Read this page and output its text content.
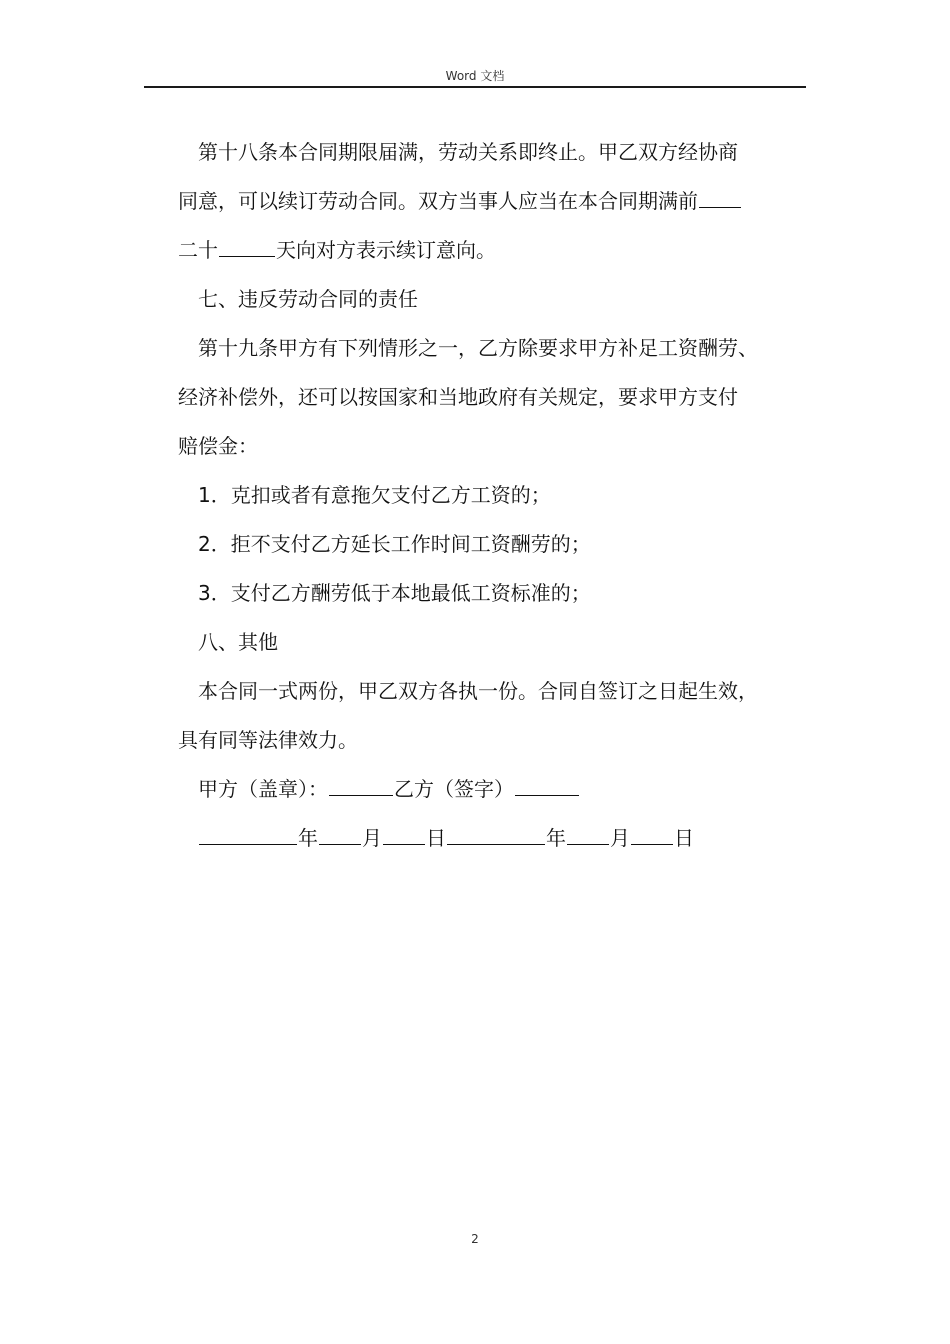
Word 文档
第十八条本合同期限届满，劳动关系即终止。甲乙双方经协商
同意，可以续订劳动合同。双方当事人应当在本合同期满前
二十	天向对方表示续订意向。
七、违反劳动合同的责任
第十九条甲方有下列情形之一，乙方除要求甲方补足工资酬劳、
经济补偿外，还可以按国家和当地政府有关规定，要求甲方支付
赔偿金：
1．克扣或者有意拖欠支付乙方工资的；
2．拒不支付乙方延长工作时间工资酬劳的；
3．支付乙方酬劳低于本地最低工资标准的；
八、其他
本合同一式两份，甲乙双方各执一份。合同自签订之日起生效，
具有同等法律效力。
甲方（盖章）：	乙方（签字）
年 月 日	年 月 日
2
